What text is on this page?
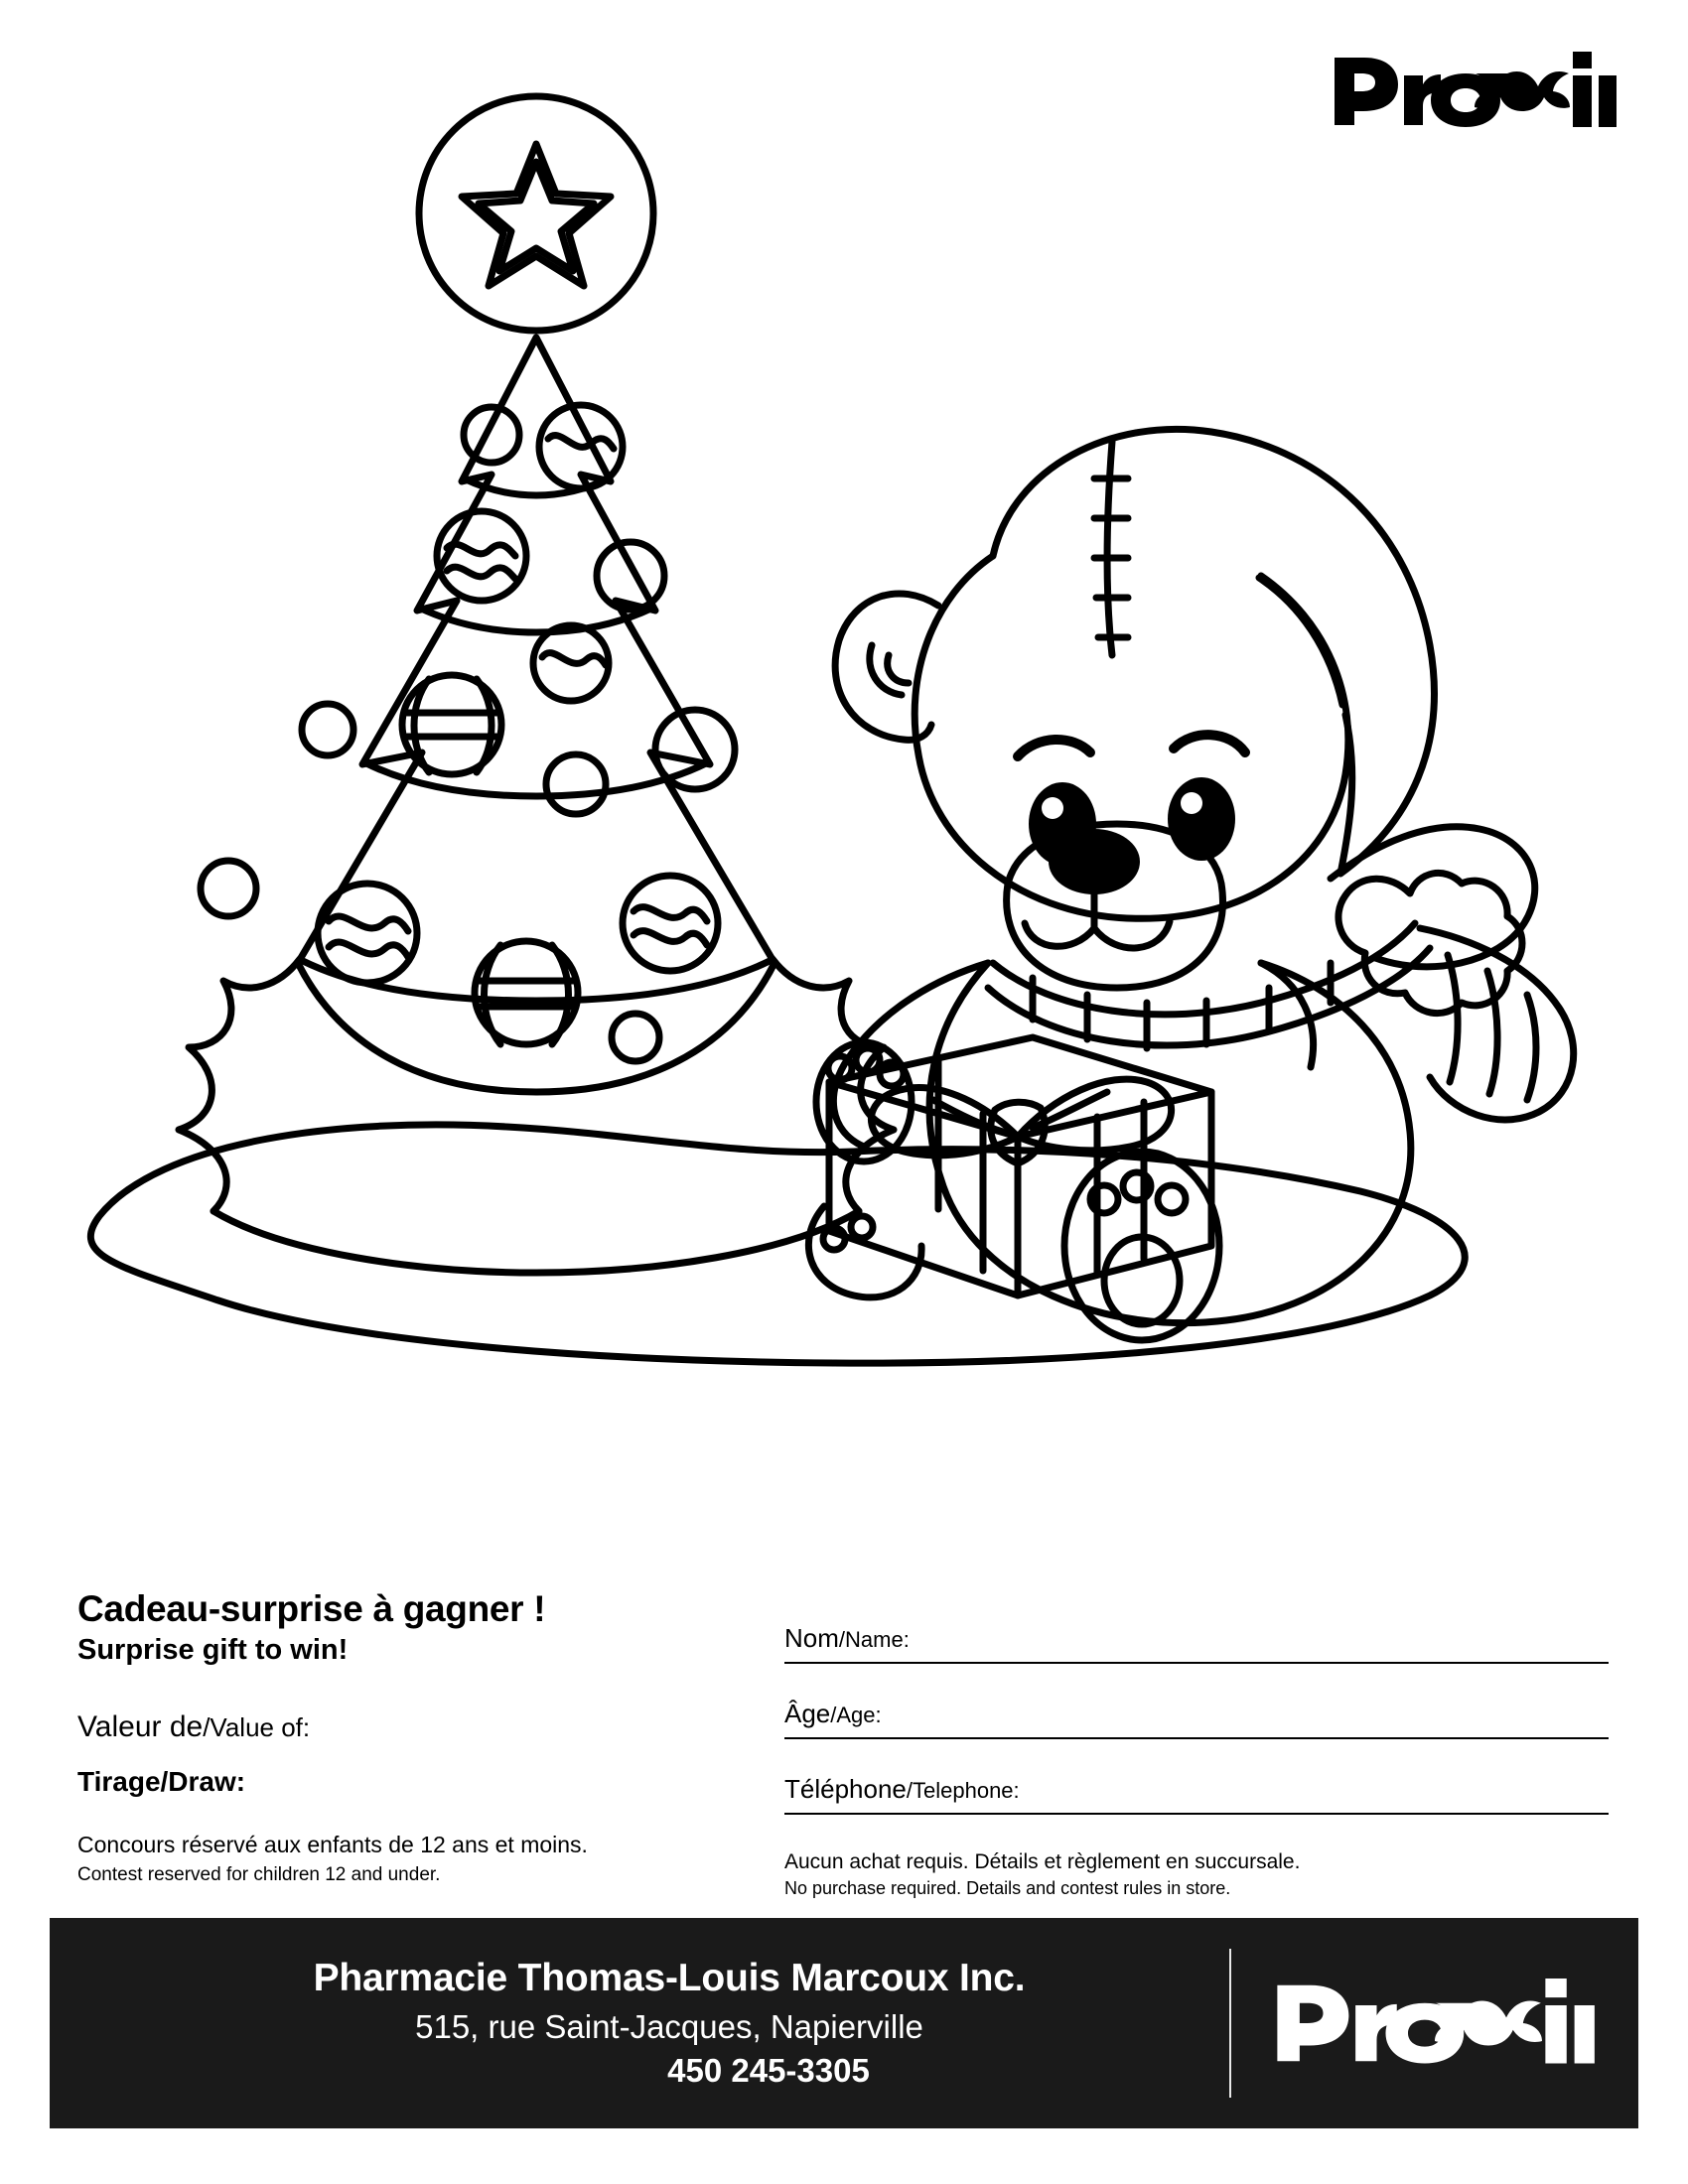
Cadeau-surprise à gagner !

Surprise gift to win!

Valeur de/Value of:

Tirage/Draw:

Concours réservé aux enfants de 12 ans et moins.

Contest reserved for children 12 and under.

Nom/Name:
Âge/Age:
Téléphone/Telephone:

Aucun achat requis. Détails et règlement en succursale.

No purchase required. Details and contest rules in store.

Pharmacie Thomas-Louis Marcoux Inc.

515, rue Saint-Jacques, Napierville

450 245-3305
